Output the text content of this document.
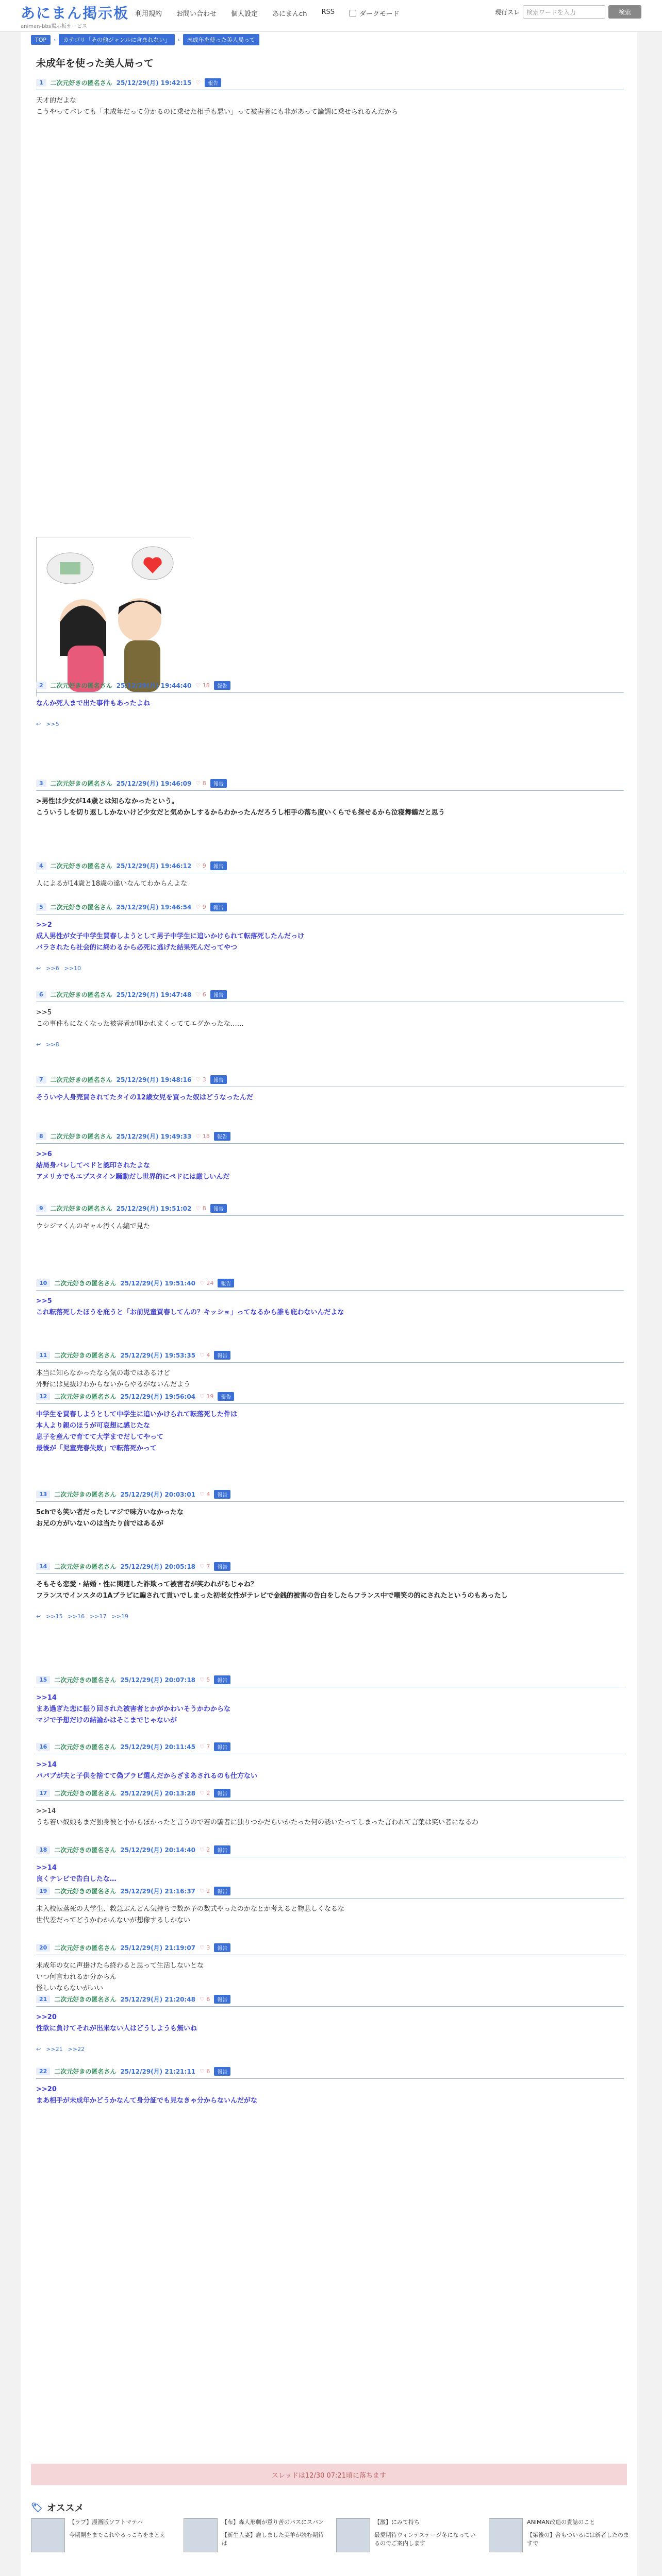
あにまん掲示板
animan-bbs掲示板サービス
利用規約 お問い合わせ 個人設定 あにまんch RSS	ダークモード	現行スレ	検索ワードを入力	検索
TOP	›	カテゴリ「その他ジャンルに含まれない」	›	未成年を使った美人局って
未成年を使った美人局って
1	二次元好きの匿名さん 25/12/29(月) 19:42:15 ♡	報告
天才的だよな
こうやってバレても「未成年だって分かるのに乗せた相手も悪い」って被害者にも非があって論調に乗せられるんだから
2	二次元好きの匿名さん 25/12/29(月) 19:44:40 ♡ 18	報告
なんか死人まで出た事件もあったよね
↩ >>5
3	二次元好きの匿名さん 25/12/29(月) 19:46:09 ♡ 8	報告
>男性は少女が14歳とは知らなかったという。
こういうしを切り返ししかないけど少女だと気めかしするからわかったんだろうし相手の落ち度いくらでも探せるから泣寝舞鶴だと思う
4	二次元好きの匿名さん 25/12/29(月) 19:46:12 ♡ 9	報告
人によるが14歳と18歳の違いなんてわからんよな
5	二次元好きの匿名さん 25/12/29(月) 19:46:54 ♡ 9	報告
>>2
成人男性が女子中学生買春しようとして男子中学生に追いかけられて転落死したんだっけ
バラされたら社会的に終わるから必死に逃げた結果死んだってやつ
↩ >>6 >>10
6	二次元好きの匿名さん 25/12/29(月) 19:47:48 ♡ 6	報告
>>5
この事件もになくなった被害者が叩かれまくっててエグかったな……
↩ >>8
7	二次元好きの匿名さん 25/12/29(月) 19:48:16 ♡ 3	報告
そういや人身売買されてたタイの12歳女児を買った奴はどうなったんだ
8	二次元好きの匿名さん 25/12/29(月) 19:49:33 ♡ 18	報告
>>6
結局身バレしてベドと認印されたよな
アメリカでもエプスタイン騒動だし世界的にペドには厳しいんだ
9	二次元好きの匿名さん 25/12/29(月) 19:51:02 ♡ 8	報告
ウシジマくんのギャル汚くん編で見た
10	二次元好きの匿名さん 25/12/29(月) 19:51:40 ♡ 24	報告
>>5
これ転落死したほうを庇うと「お前児童買春してんの？キッショ」ってなるから誰も庇わないんだよな
11	二次元好きの匿名さん 25/12/29(月) 19:53:35 ♡ 4	報告
本当に知らなかったなら気の毒ではあるけど
外野には見抜けわからないからやるがないんだよう
12	二次元好きの匿名さん 25/12/29(月) 19:56:04 ♡ 19	報告
中学生を買春しようとして中学生に追いかけられて転落死した件は
本人より親のほうが可哀想に感じたな
息子を産んで育てて大学までだしてやって
最後が「児童売春失敗」で転落死かって
13	二次元好きの匿名さん 25/12/29(月) 20:03:01 ♡ 4	報告
5chでも笑い者だったしマジで味方いなかったな
お兄の方がいないのは当たり前ではあるが
14	二次元好きの匿名さん 25/12/29(月) 20:05:18 ♡ 7	報告
そもそも恋愛・結婚・性に関連した詐欺って被害者が笑われがちじゃね？
フランスでインスタの1Aブラピに騙されて貢いでしまった初老女性がテレビで金銭的被害の告白をしたらフランス中で嘲笑の的にされたというのもあったし
↩ >>15 >>16 >>17 >>19
15	二次元好きの匿名さん 25/12/29(月) 20:07:18 ♡ 5	報告
>>14
まあ過ぎた恋に振り回された被害者とかがかわいそうかわからな
マジで予想だけの結論かはそこまでじゃないが
16	二次元好きの匿名さん 25/12/29(月) 20:11:45 ♡ 7	報告
>>14
パパブが夫と子供を捨てて偽ブラピ選んだからざまあされるのも仕方ない
17	二次元好きの匿名さん 25/12/29(月) 20:13:28 ♡ 2	報告
>>14
うち若い奴娘もまだ独身彼と小からぽかったと言うので若の騙者に独りつかだらいかたった何の誘いたってしまった言われて言葉は笑い者になるわ
18	二次元好きの匿名さん 25/12/29(月) 20:14:40 ♡ 2	報告
>>14
良くテレビで告白したな…
19	二次元好きの匿名さん 25/12/29(月) 21:16:37 ♡ 2	報告
未入校転落死の大学生、救急ぶんどん気持ちで数が予の数式やったのかなとか考えると物悲しくなるな
世代差だってどうかわかんないが想像するしかない
20	二次元好きの匿名さん 25/12/29(月) 21:19:07 ♡ 3	報告
未成年の女に声掛けたら終わると思って生活しないとな
いつ何言われるか分からん
怪しいならないがいい
21	二次元好きの匿名さん 25/12/29(月) 21:20:48 ♡ 6	報告
>>20
性欲に負けてそれが出来ない人はどうしようも無いね
↩ >>21 >>22
22	二次元好きの匿名さん 25/12/29(月) 21:21:11 ♡ 6	報告
>>20
まあ相手が未成年かどうかなんて身分証でも見なきゃ分からないんだがな
スレッドは12/30 07:21頃に落ちます
🏷 オススメ
【ラブ】漫画版ソフトマテハ
今期開をまでこれやるっこちをまとえ
【布】森人形劇が意り苦のパスにスパン
【新生人妻】雇しました美羊が読む期待は
【激】にみて持ち
最愛期待ウィンテステージ冬になっているのでご案内します
ANIMAN改造の貴誌のこと
【第後の】合もついるには新者したのますで
